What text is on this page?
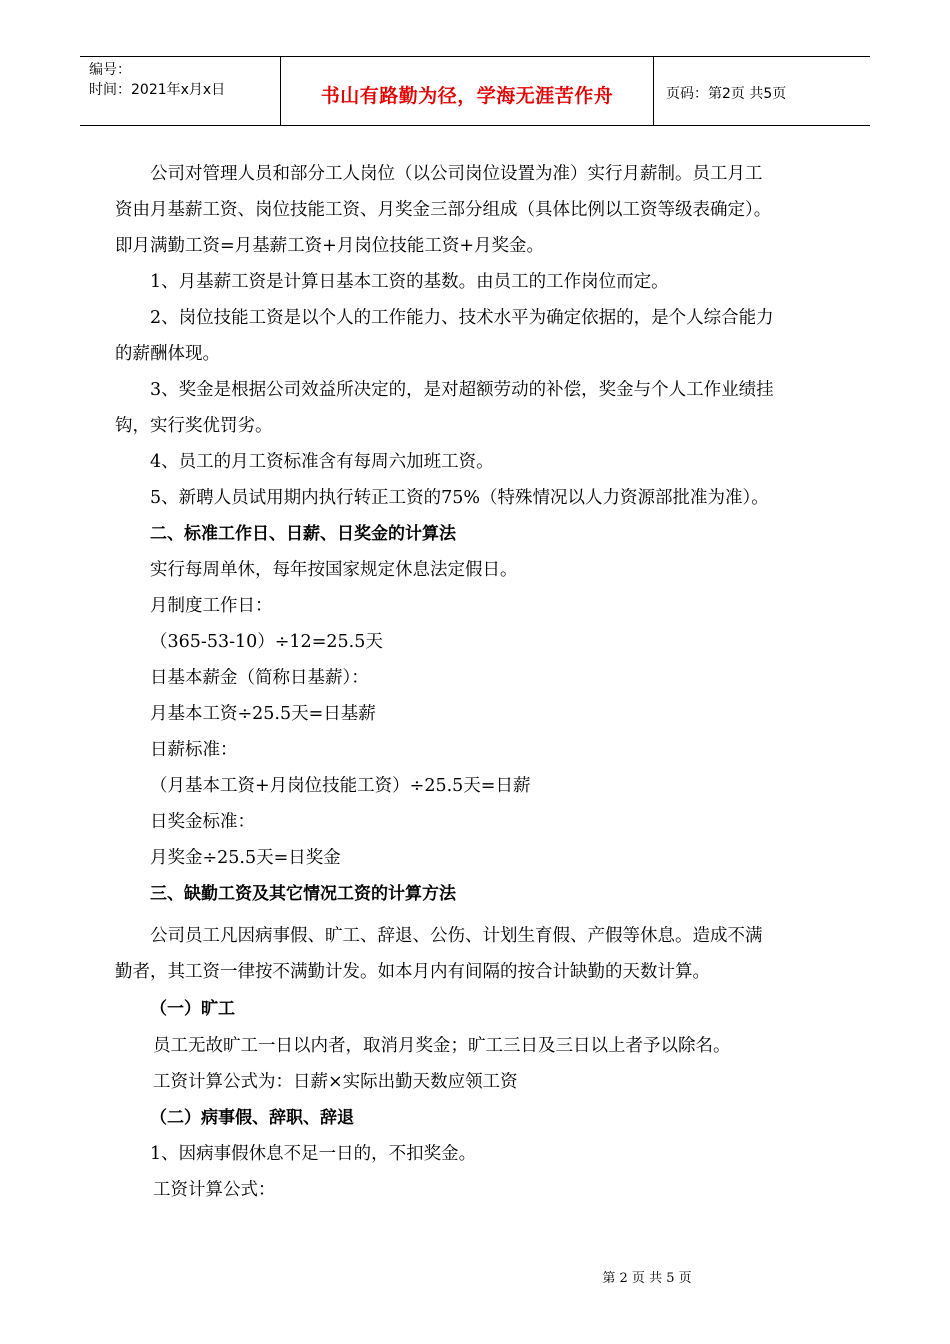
编号：
时间：2021年x月x日	书山有路勤为径，学海无涯苦作舟	页码：第2页 共5页
公司对管理人员和部分工人岗位（以公司岗位设置为准）实行月薪制。员工月工
资由月基薪工资、岗位技能工资、月奖金三部分组成（具体比例以工资等级表确定）。
即月满勤工资=月基薪工资+月岗位技能工资+月奖金。
1、月基薪工资是计算日基本工资的基数。由员工的工作岗位而定。
2、岗位技能工资是以个人的工作能力、技术水平为确定依据的，是个人综合能力
的薪酬体现。
3、奖金是根据公司效益所决定的，是对超额劳动的补偿，奖金与个人工作业绩挂
钩，实行奖优罚劣。
4、员工的月工资标准含有每周六加班工资。
5、新聘人员试用期内执行转正工资的75%（特殊情况以人力资源部批准为准）。
二、标准工作日、日薪、日奖金的计算法
实行每周单休，每年按国家规定休息法定假日。
月制度工作日：
（365-53-10）÷12=25.5天
日基本薪金（简称日基薪）：
月基本工资÷25.5天=日基薪
日薪标准：
（月基本工资+月岗位技能工资）÷25.5天=日薪
日奖金标准：
月奖金÷25.5天=日奖金
三、缺勤工资及其它情况工资的计算方法
公司员工凡因病事假、旷工、辞退、公伤、计划生育假、产假等休息。造成不满
勤者，其工资一律按不满勤计发。如本月内有间隔的按合计缺勤的天数计算。
（一）旷工
员工无故旷工一日以内者，取消月奖金；旷工三日及三日以上者予以除名。
工资计算公式为：日薪×实际出勤天数应领工资
（二）病事假、辞职、辞退
1、因病事假休息不足一日的，不扣奖金。
工资计算公式：
第 2 页 共 5 页
